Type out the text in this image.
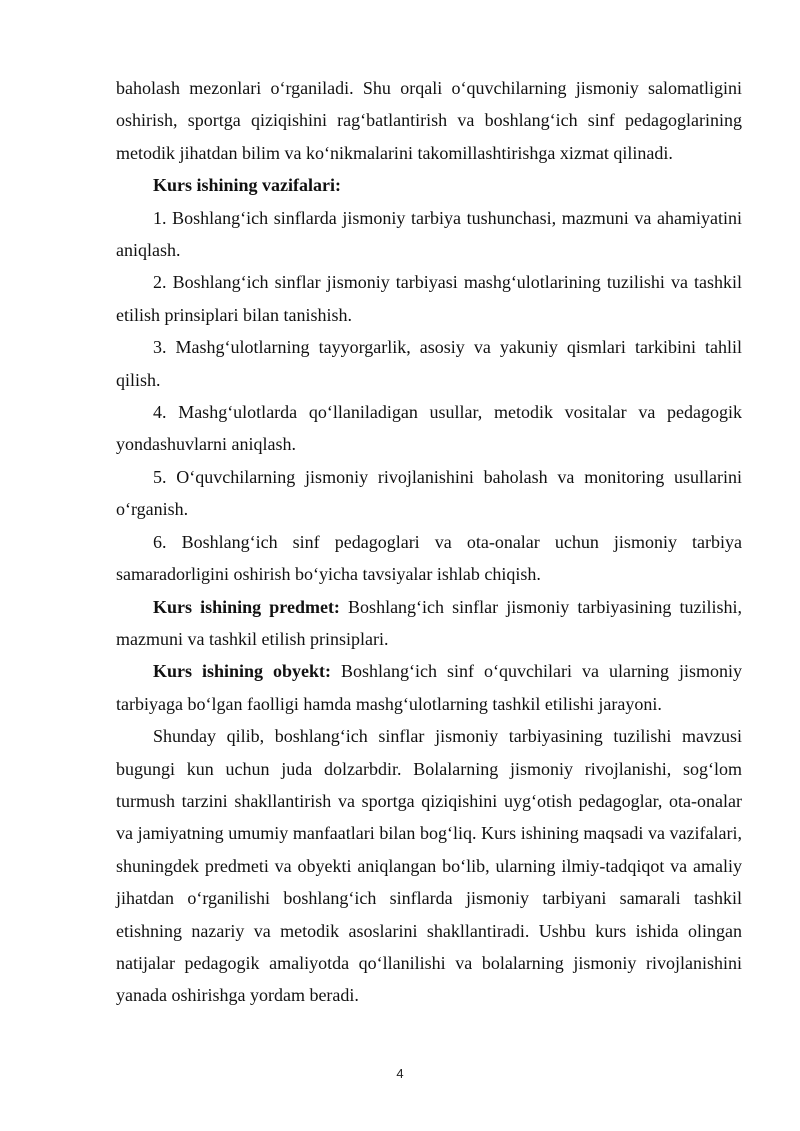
baholash mezonlari o‘rganiladi. Shu orqali o‘quvchilarning jismoniy salomatligini oshirish, sportga qiziqishini rag‘batlantirish va boshlang‘ich sinf pedagoglarining metodik jihatdan bilim va ko‘nikmalarini takomillashtirishga xizmat qilinadi.

Kurs ishining vazifalari:

1. Boshlang‘ich sinflarda jismoniy tarbiya tushunchasi, mazmuni va ahamiyatini aniqlash.

2. Boshlang‘ich sinflar jismoniy tarbiyasi mashg‘ulotlarining tuzilishi va tashkil etilish prinsiplari bilan tanishish.

3. Mashg‘ulotlarning tayyorgarlik, asosiy va yakuniy qismlari tarkibini tahlil qilish.

4. Mashg‘ulotlarda qo‘llaniladigan usullar, metodik vositalar va pedagogik yondashuvlarni aniqlash.

5. O‘quvchilarning jismoniy rivojlanishini baholash va monitoring usullarini o‘rganish.

6. Boshlang‘ich sinf pedagoglari va ota-onalar uchun jismoniy tarbiya samaradorligini oshirish bo‘yicha tavsiyalar ishlab chiqish.

Kurs ishining predmet: Boshlang‘ich sinflar jismoniy tarbiyasining tuzilishi, mazmuni va tashkil etilish prinsiplari.

Kurs ishining obyekt: Boshlang‘ich sinf o‘quvchilari va ularning jismoniy tarbiyaga bo‘lgan faolligi hamda mashg‘ulotlarning tashkil etilishi jarayoni.

Shunday qilib, boshlang‘ich sinflar jismoniy tarbiyasining tuzilishi mavzusi bugungi kun uchun juda dolzarbdir. Bolalarning jismoniy rivojlanishi, sog‘lom turmush tarzini shakllantirish va sportga qiziqishini uyg‘otish pedagoglar, ota-onalar va jamiyatning umumiy manfaatlari bilan bog‘liq. Kurs ishining maqsadi va vazifalari, shuningdek predmeti va obyekti aniqlangan bo‘lib, ularning ilmiy-tadqiqot va amaliy jihatdan o‘rganilishi boshlang‘ich sinflarda jismoniy tarbiyani samarali tashkil etishning nazariy va metodik asoslarini shakllantiradi. Ushbu kurs ishida olingan natijalar pedagogik amaliyotda qo‘llanilishi va bolalarning jismoniy rivojlanishini yanada oshirishga yordam beradi.

4
